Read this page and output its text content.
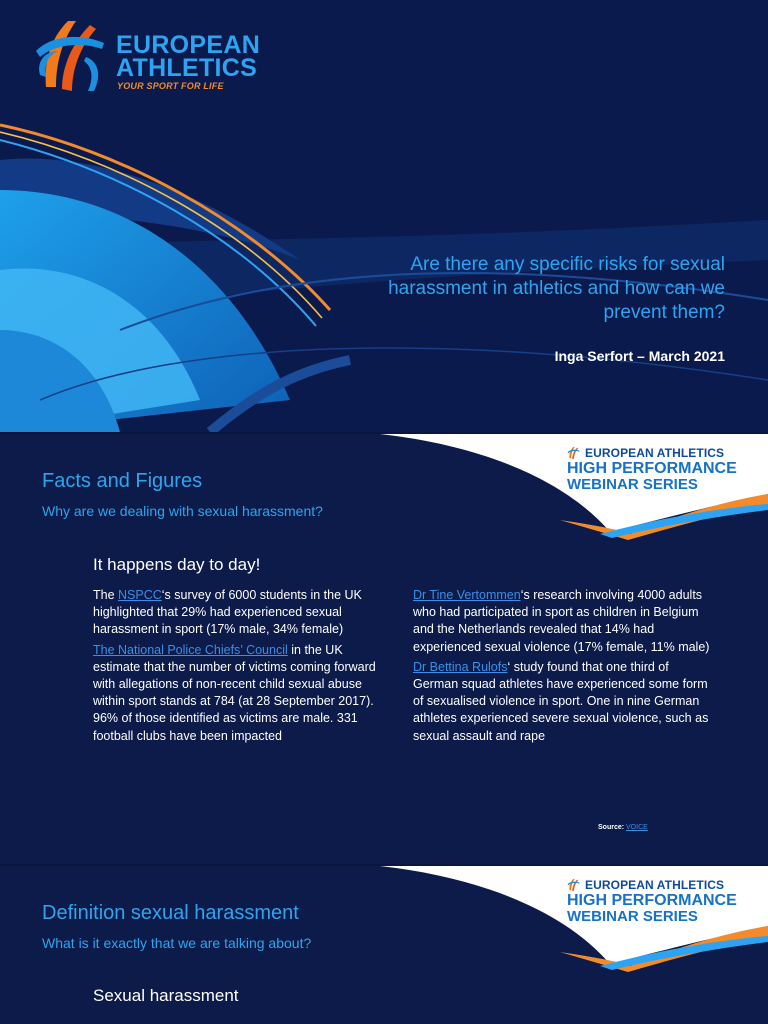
EUROPEAN
ATHLETICS
YOUR SPORT FOR LIFE
Are there any specific risks for sexual harassment in athletics and how can we prevent them?
Inga Serfort – March 2021
EUROPEAN ATHLETICS
HIGH PERFORMANCE
WEBINAR SERIES
Facts and Figures
Why are we dealing with sexual harassment?
It happens day to day!

The NSPCC‘s survey of 6000 students in the UK highlighted that 29% had experienced sexual harassment in sport (17% male, 34% female)

The National Police Chiefs’ Council in the UK estimate that the number of victims coming forward with allegations of non-recent child sexual abuse within sport stands at 784 (at 28 September 2017). 96% of those identified as victims are male. 331 football clubs have been impacted

Dr Tine Vertommen‘s research involving 4000 adults who had participated in sport as children in Belgium and the Netherlands revealed that 14% had experienced sexual violence (17% female, 11% male)

Dr Bettina Rulofs‘ study found that one third of German squad athletes have experienced some form of sexualised violence in sport. One in nine German athletes experienced severe sexual violence, such as sexual assault and rape

Source: VOICE
EUROPEAN ATHLETICS
HIGH PERFORMANCE
WEBINAR SERIES
Definition sexual harassment
What is it exactly that we are talking about?
Sexual harassment
